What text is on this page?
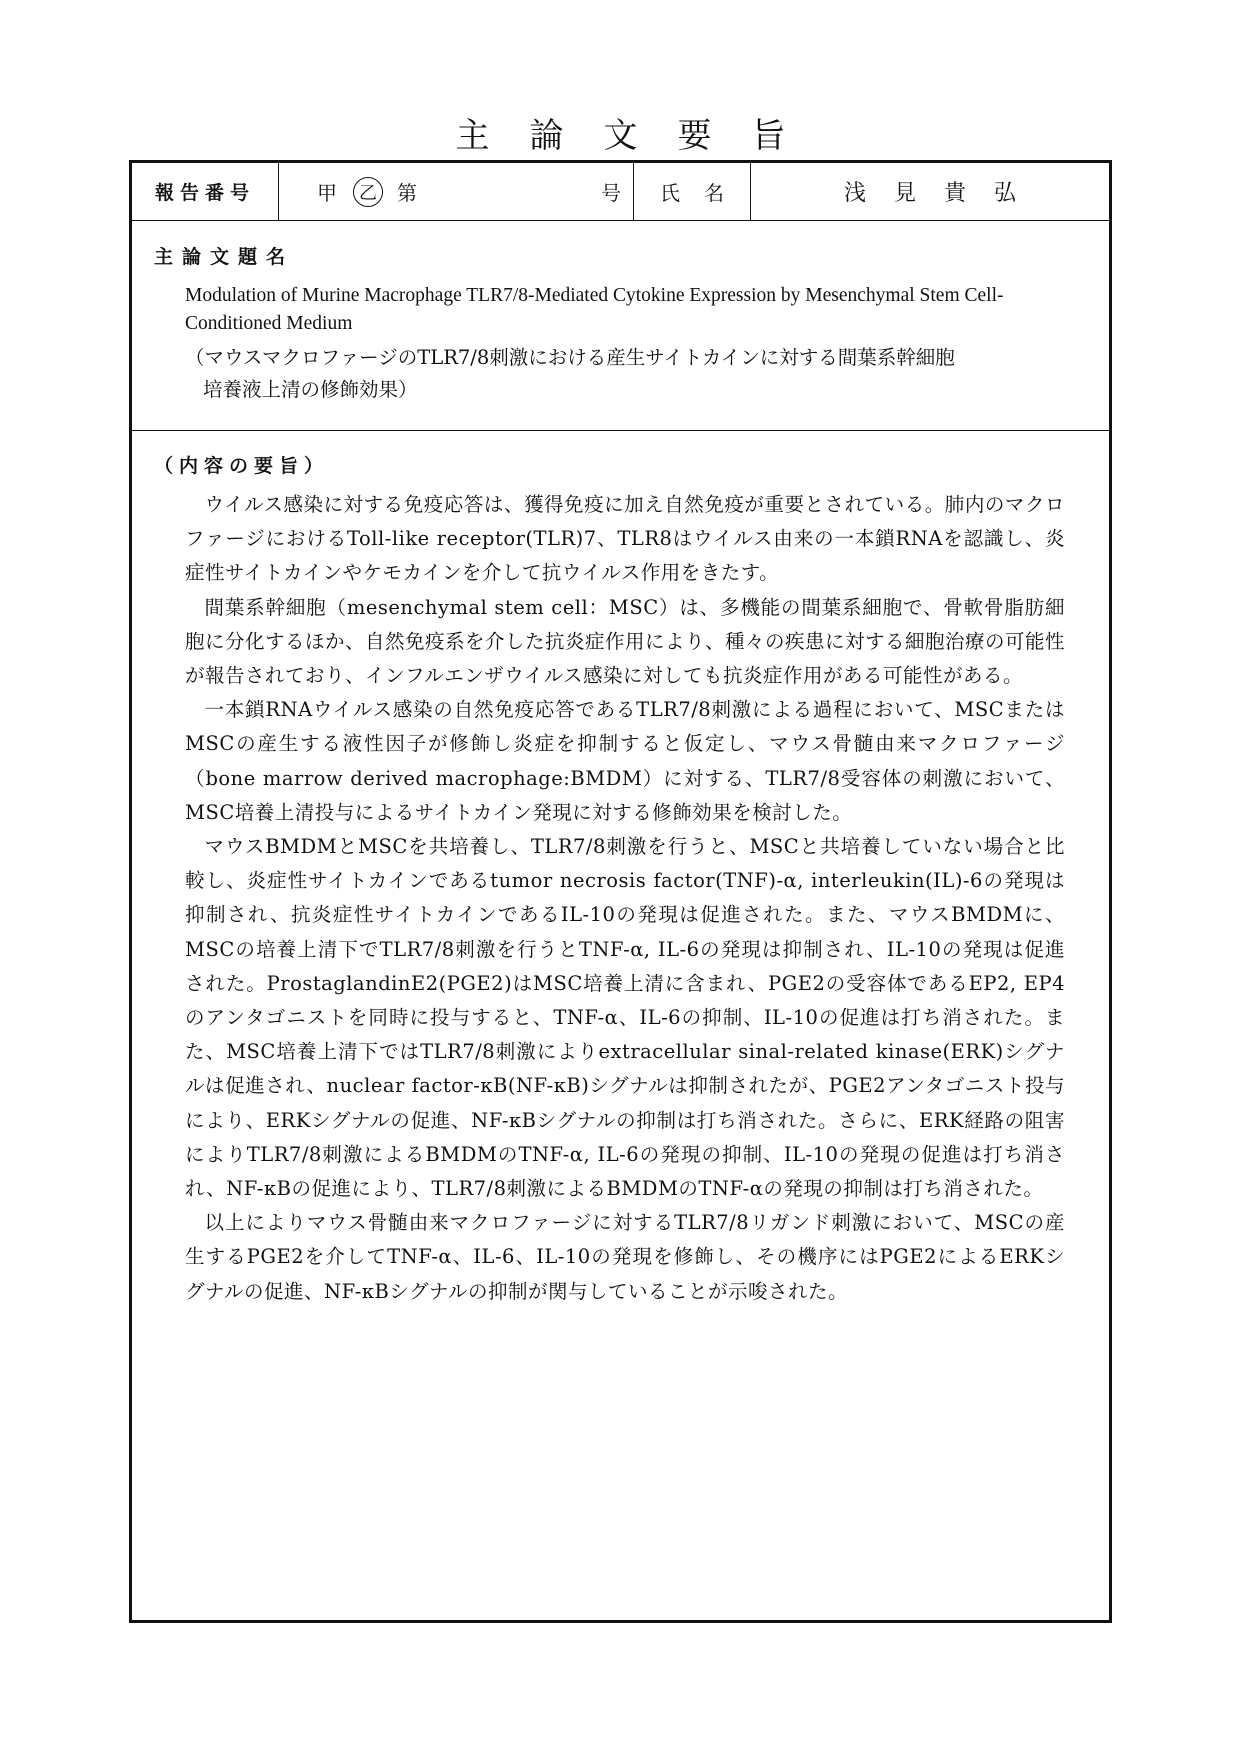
主論文要旨
報告番号	甲	乙	第	号	氏名	浅見貴弘
主論文題名
Modulation of Murine Macrophage TLR7/8-Mediated Cytokine Expression by Mesenchymal Stem Cell-Conditioned Medium
（マウスマクロファージのTLR7/8刺激における産生サイトカインに対する間葉系幹細胞
培養液上清の修飾効果）
（内容の要旨）

ウイルス感染に対する免疫応答は、獲得免疫に加え自然免疫が重要とされている。肺内のマクロファージにおけるToll-like receptor(TLR)7、TLR8はウイルス由来の一本鎖RNAを認識し、炎症性サイトカインやケモカインを介して抗ウイルス作用をきたす。

間葉系幹細胞（mesenchymal stem cell：MSC）は、多機能の間葉系細胞で、骨軟骨脂肪細胞に分化するほか、自然免疫系を介した抗炎症作用により、種々の疾患に対する細胞治療の可能性が報告されており、インフルエンザウイルス感染に対しても抗炎症作用がある可能性がある。

一本鎖RNAウイルス感染の自然免疫応答であるTLR7/8刺激による過程において、MSCまたはMSCの産生する液性因子が修飾し炎症を抑制すると仮定し、マウス骨髄由来マクロファージ（bone marrow derived macrophage:BMDM）に対する、TLR7/8受容体の刺激において、MSC培養上清投与によるサイトカイン発現に対する修飾効果を検討した。

マウスBMDMとMSCを共培養し、TLR7/8刺激を行うと、MSCと共培養していない場合と比較し、炎症性サイトカインであるtumor necrosis factor(TNF)-α, interleukin(IL)-6の発現は抑制され、抗炎症性サイトカインであるIL-10の発現は促進された。また、マウスBMDMに、MSCの培養上清下でTLR7/8刺激を行うとTNF-α, IL-6の発現は抑制され、IL-10の発現は促進された。ProstaglandinE2(PGE2)はMSC培養上清に含まれ、PGE2の受容体であるEP2, EP4のアンタゴニストを同時に投与すると、TNF-α、IL-6の抑制、IL-10の促進は打ち消された。また、MSC培養上清下ではTLR7/8刺激によりextracellular sinal-related kinase(ERK)シグナルは促進され、nuclear factor-κB(NF-κB)シグナルは抑制されたが、PGE2アンタゴニスト投与により、ERKシグナルの促進、NF-κBシグナルの抑制は打ち消された。さらに、ERK経路の阻害によりTLR7/8刺激によるBMDMのTNF-α, IL-6の発現の抑制、IL-10の発現の促進は打ち消され、NF-κBの促進により、TLR7/8刺激によるBMDMのTNF-αの発現の抑制は打ち消された。

以上によりマウス骨髄由来マクロファージに対するTLR7/8リガンド刺激において、MSCの産生するPGE2を介してTNF-α、IL-6、IL-10の発現を修飾し、その機序にはPGE2によるERKシグナルの促進、NF-κBシグナルの抑制が関与していることが示唆された。
